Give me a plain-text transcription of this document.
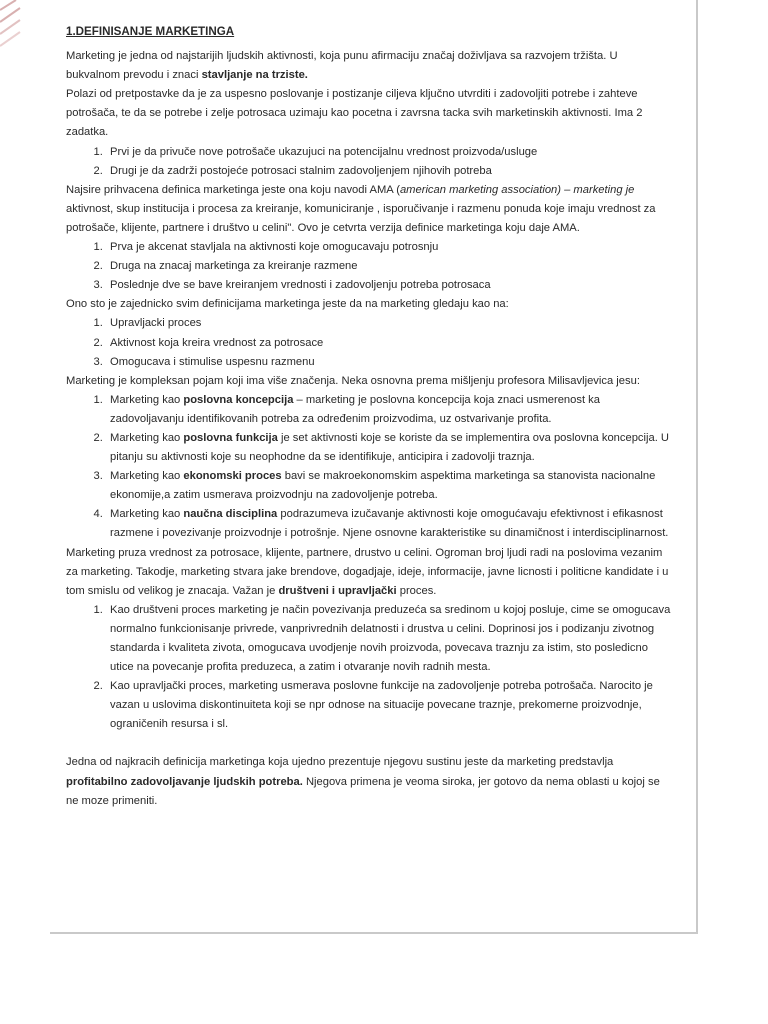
1.DEFINISANJE MARKETINGA

Marketing je jedna od najstarijih ljudskih aktivnosti, koja punu afirmaciju značaj doživljava sa razvojem tržišta. U bukvalnom prevodu i znaci stavljanje na trziste.

Polazi od pretpostavke da je za uspesno poslovanje i postizanje ciljeva ključno utvrditi i zadovoljiti potrebe i zahteve potrošača, te da se potrebe i zelje potrosaca uzimaju kao pocetna i zavrsna tacka svih marketinskih aktivnosti. Ima 2 zadatka.

1. Prvi je da privuče nove potrošače ukazujuci na potencijalnu vrednost proizvoda/usluge
2. Drugi je da zadrži postojeće potrosaci stalnim zadovoljenjem njihovih potreba

Najsire prihvacena definica marketinga jeste ona koju navodi AMA (american marketing association) – marketing je aktivnost, skup institucija i procesa za kreiranje, komuniciranje , isporučivanje i razmenu ponuda koje imaju vrednost za potrošače, klijente, partnere i društvo u celini". Ovo je cetvrta verzija definice marketinga koju daje AMA.

1. Prva je akcenat stavljala na aktivnosti koje omogucavaju potrosnju
2. Druga na znacaj marketinga za kreiranje razmene
3. Poslednje dve se bave kreiranjem vrednosti i zadovoljenju potreba potrosaca

Ono sto je zajednicko svim definicijama marketinga jeste da na marketing gledaju kao na:

1. Upravljacki proces
2. Aktivnost koja kreira vrednost za potrosace
3. Omogucava i stimulise uspesnu razmenu

Marketing je kompleksan pojam koji ima više značenja. Neka osnovna prema mišljenju profesora Milisavljevica jesu:

1. Marketing kao poslovna koncepcija – marketing je poslovna koncepcija koja znaci usmerenost ka zadovoljavanju identifikovanih potreba za određenim proizvodima, uz ostvarivanje profita.
2. Marketing kao poslovna funkcija je set aktivnosti koje se koriste da se implementira ova poslovna koncepcija. U pitanju su aktivnosti koje su neophodne da se identifikuje, anticipira i zadovolji traznja.
3. Marketing kao ekonomski proces bavi se makroekonomskim aspektima marketinga sa stanovista nacionalne ekonomije,a zatim usmerava proizvodnju na zadovoljenje potreba.
4. Marketing kao naučna disciplina podrazumeva izučavanje aktivnosti koje omogućavaju efektivnost i efikasnost razmene i povezivanje proizvodnje i potrošnje. Njene osnovne karakteristike su dinamičnost i interdisciplinarnost.

Marketing pruza vrednost za potrosace, klijente, partnere, drustvo u celini. Ogroman broj ljudi radi na poslovima vezanim za marketing. Takodje, marketing stvara jake brendove, dogadjaje, ideje, informacije, javne licnosti i politicne kandidate i u tom smislu od velikog je znacaja. Važan je društveni i upravljački proces.

1. Kao društveni proces marketing je način povezivanja preduzeća sa sredinom u kojoj posluje, cime se omogucava normalno funkcionisanje privrede, vanprivrednih delatnosti i drustva u celini. Doprinosi jos i podizanju zivotnog standarda i kvaliteta zivota, omogucava uvodjenje novih proizvoda, povecava traznju za istim, sto posledicno utice na povecanje profita preduzeca, a zatim i otvaranje novih radnih mesta.
2. Kao upravljački proces, marketing usmerava poslovne funkcije na zadovoljenje potreba potrošača. Narocito je vazan u uslovima diskontinuiteta koji se npr odnose na situacije povecane traznje, prekomerne proizvodnje, ograničenih resursa i sl.

Jedna od najkracih definicija marketinga koja ujedno prezentuje njegovu sustinu jeste da marketing predstavlja profitabilno zadovoljavanje ljudskih potreba. Njegova primena je veoma siroka, jer gotovo da nema oblasti u kojoj se ne moze primeniti.
